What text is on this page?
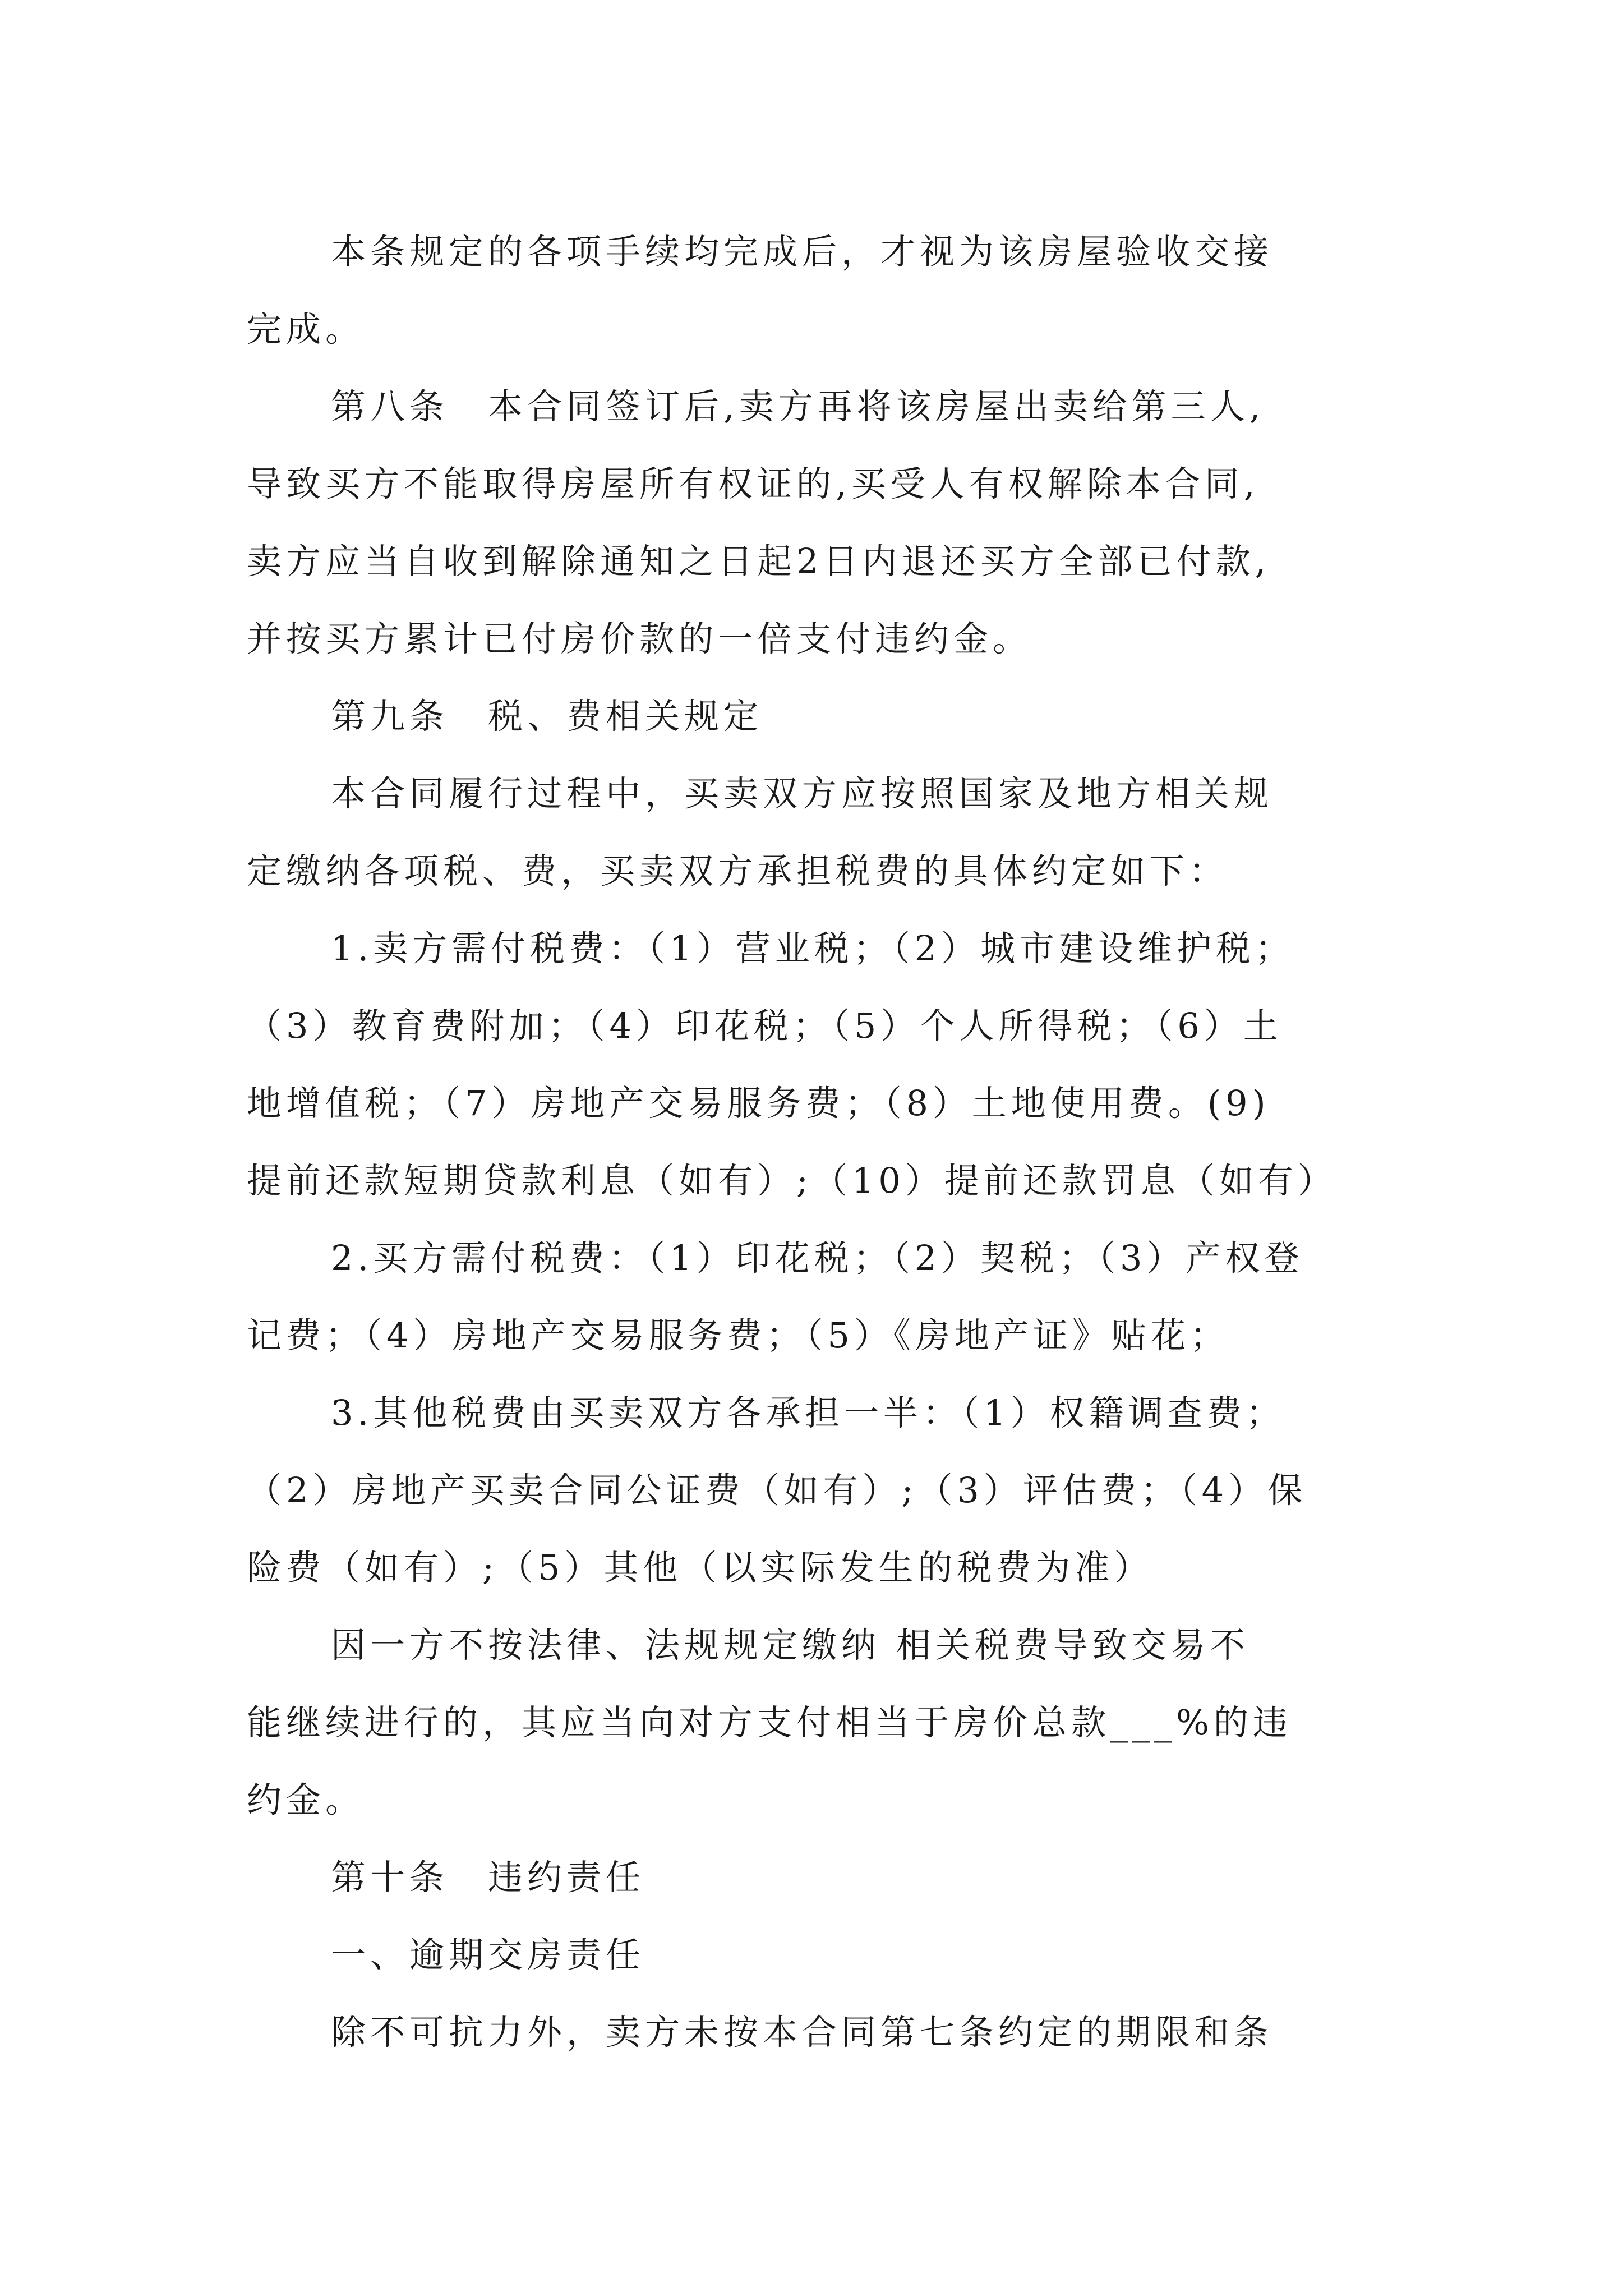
本条规定的各项手续均完成后，才视为该房屋验收交接
完成。
第八条　本合同签订后,卖方再将该房屋出卖给第三人,
导致买方不能取得房屋所有权证的,买受人有权解除本合同,
卖方应当自收到解除通知之日起2日内退还买方全部已付款,
并按买方累计已付房价款的一倍支付违约金。
第九条　税、费相关规定
本合同履行过程中，买卖双方应按照国家及地方相关规
定缴纳各项税、费，买卖双方承担税费的具体约定如下：
1.卖方需付税费：（1）营业税；（2）城市建设维护税；
（3）教育费附加；（4）印花税；（5）个人所得税；（6）土
地增值税；（7）房地产交易服务费；（8）土地使用费。(9)
提前还款短期贷款利息（如有）;（10）提前还款罚息（如有）
2.买方需付税费：（1）印花税；（2）契税；（3）产权登
记费；（4）房地产交易服务费；（5）《房地产证》贴花；
3.其他税费由买卖双方各承担一半：（1）权籍调查费；
（2）房地产买卖合同公证费（如有）;（3）评估费；（4）保
险费（如有）;（5）其他（以实际发生的税费为准）
因一方不按法律、法规规定缴纳 相关税费导致交易不
能继续进行的，其应当向对方支付相当于房价总款___%的违
约金。
第十条　违约责任
一、逾期交房责任
除不可抗力外，卖方未按本合同第七条约定的期限和条
